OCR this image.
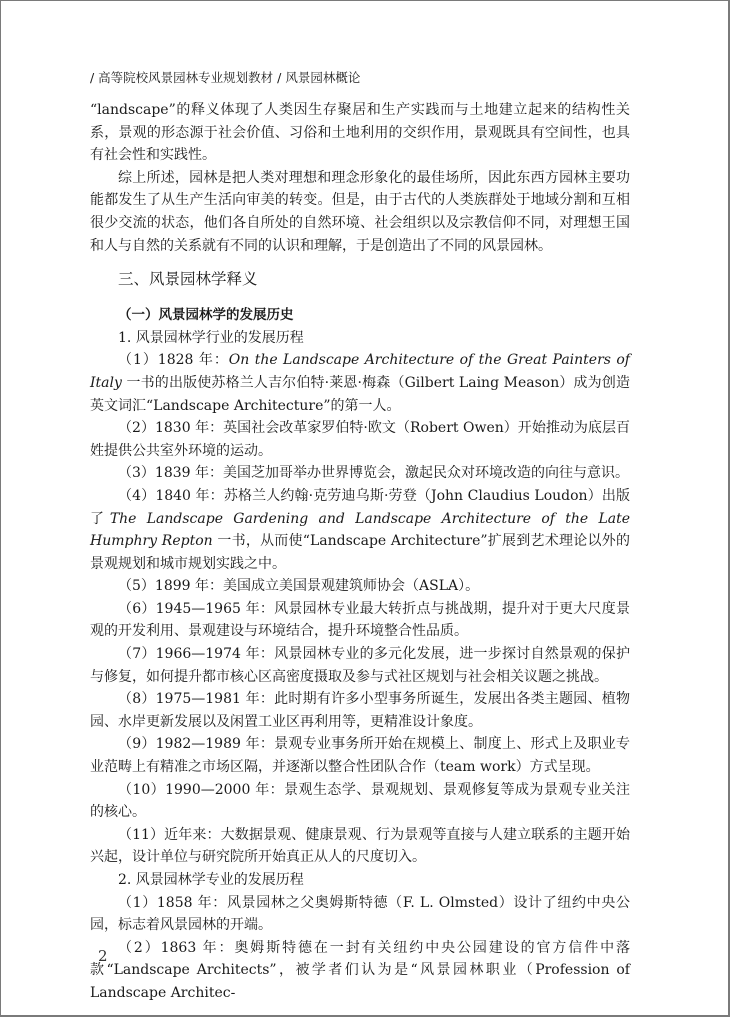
/ 高等院校风景园林专业规划教材 / 风景园林概论

“landscape”的释义体现了人类因生存聚居和生产实践而与土地建立起来的结构性关系，景观的形态源于社会价值、习俗和土地利用的交织作用，景观既具有空间性，也具有社会性和实践性。

综上所述，园林是把人类对理想和理念形象化的最佳场所，因此东西方园林主要功能都发生了从生产生活向审美的转变。但是，由于古代的人类族群处于地域分割和互相很少交流的状态，他们各自所处的自然环境、社会组织以及宗教信仰不同，对理想王国和人与自然的关系就有不同的认识和理解，于是创造出了不同的风景园林。

三、风景园林学释义

（一）风景园林学的发展历史

1. 风景园林学行业的发展历程

（1）1828 年：On the Landscape Architecture of the Great Painters of Italy 一书的出版使苏格兰人吉尔伯特·莱恩·梅森（Gilbert Laing Meason）成为创造英文词汇“Landscape Architecture”的第一人。

（2）1830 年：英国社会改革家罗伯特·欧文（Robert Owen）开始推动为底层百姓提供公共室外环境的运动。

（3）1839 年：美国芝加哥举办世界博览会，激起民众对环境改造的向往与意识。

（4）1840 年：苏格兰人约翰·克劳迪乌斯·劳登（John Claudius Loudon）出版了The Landscape Gardening and Landscape Architecture of the Late Humphry Repton 一书，从而使“Landscape Architecture”扩展到艺术理论以外的景观规划和城市规划实践之中。

（5）1899 年：美国成立美国景观建筑师协会（ASLA）。

（6）1945—1965 年：风景园林专业最大转折点与挑战期，提升对于更大尺度景观的开发利用、景观建设与环境结合，提升环境整合性品质。

（7）1966—1974 年：风景园林专业的多元化发展，进一步探讨自然景观的保护与修复，如何提升都市核心区高密度摄取及参与式社区规划与社会相关议题之挑战。

（8）1975—1981 年：此时期有许多小型事务所诞生，发展出各类主题园、植物园、水岸更新发展以及闲置工业区再利用等，更精准设计象度。

（9）1982—1989 年：景观专业事务所开始在规模上、制度上、形式上及职业专业范畴上有精准之市场区隔，并逐渐以整合性团队合作（team work）方式呈现。

（10）1990—2000 年：景观生态学、景观规划、景观修复等成为景观专业关注的核心。

（11）近年来：大数据景观、健康景观、行为景观等直接与人建立联系的主题开始兴起，设计单位与研究院所开始真正从人的尺度切入。

2. 风景园林学专业的发展历程

（1）1858 年：风景园林之父奥姆斯特德（F. L. Olmsted）设计了纽约中央公园，标志着风景园林的开端。

（2）1863 年：奥姆斯特德在一封有关纽约中央公园建设的官方信件中落款“Landscape Architects”，被学者们认为是“风景园林职业（Profession of Landscape Architec-

2
